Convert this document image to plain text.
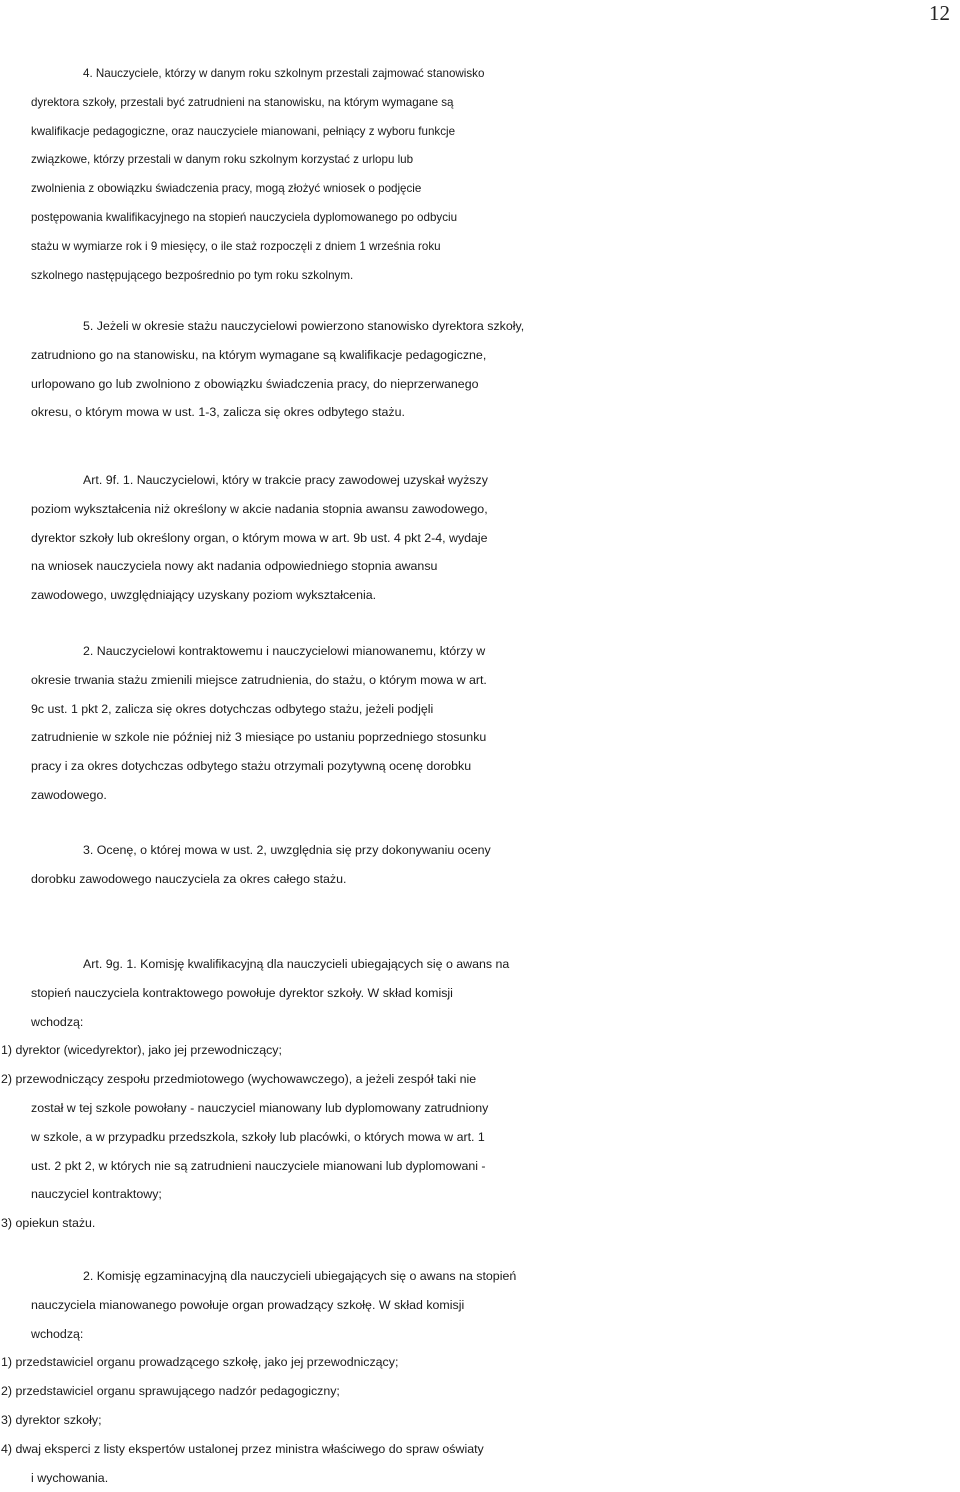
12
4. Nauczyciele, którzy w danym roku szkolnym przestali zajmować stanowisko
dyrektora szkoły, przestali być zatrudnieni na stanowisku, na którym wymagane są
kwalifikacje pedagogiczne, oraz nauczyciele mianowani, pełniący z wyboru funkcje
związkowe, którzy przestali w danym roku szkolnym korzystać z urlopu lub
zwolnienia z obowiązku świadczenia pracy, mogą złożyć wniosek o podjęcie
postępowania kwalifikacyjnego na stopień nauczyciela dyplomowanego po odbyciu
stażu w wymiarze rok i 9 miesięcy, o ile staż rozpoczęli z dniem 1 września roku
szkolnego następującego bezpośrednio po tym roku szkolnym.
5. Jeżeli w okresie stażu nauczycielowi powierzono stanowisko dyrektora szkoły,
zatrudniono go na stanowisku, na którym wymagane są kwalifikacje pedagogiczne,
urlopowano go lub zwolniono z obowiązku świadczenia pracy, do nieprzerwanego
okresu, o którym mowa w ust. 1-3, zalicza się okres odbytego stażu.
Art. 9f. 1. Nauczycielowi, który w trakcie pracy zawodowej uzyskał wyższy
poziom wykształcenia niż określony w akcie nadania stopnia awansu zawodowego,
dyrektor szkoły lub określony organ, o którym mowa w art. 9b ust. 4 pkt 2-4, wydaje
na wniosek nauczyciela nowy akt nadania odpowiedniego stopnia awansu
zawodowego, uwzględniający uzyskany poziom wykształcenia.
2. Nauczycielowi kontraktowemu i nauczycielowi mianowanemu, którzy w
okresie trwania stażu zmienili miejsce zatrudnienia, do stażu, o którym mowa w art.
9c ust. 1 pkt 2, zalicza się okres dotychczas odbytego stażu, jeżeli podjęli
zatrudnienie w szkole nie później niż 3 miesiące po ustaniu poprzedniego stosunku
pracy i za okres dotychczas odbytego stażu otrzymali pozytywną ocenę dorobku
zawodowego.
3. Ocenę, o której mowa w ust. 2, uwzględnia się przy dokonywaniu oceny
dorobku zawodowego nauczyciela za okres całego stażu.
Art. 9g. 1. Komisję kwalifikacyjną dla nauczycieli ubiegających się o awans na
stopień nauczyciela kontraktowego powołuje dyrektor szkoły. W skład komisji
wchodzą:
1) dyrektor (wicedyrektor), jako jej przewodniczący;
2) przewodniczący zespołu przedmiotowego (wychowawczego), a jeżeli zespół taki nie
został w tej szkole powołany - nauczyciel mianowany lub dyplomowany zatrudniony
w szkole, a w przypadku przedszkola, szkoły lub placówki, o których mowa w art. 1
ust. 2 pkt 2, w których nie są zatrudnieni nauczyciele mianowani lub dyplomowani -
nauczyciel kontraktowy;
3) opiekun stażu.
2. Komisję egzaminacyjną dla nauczycieli ubiegających się o awans na stopień
nauczyciela mianowanego powołuje organ prowadzący szkołę. W skład komisji
wchodzą:
1) przedstawiciel organu prowadzącego szkołę, jako jej przewodniczący;
2) przedstawiciel organu sprawującego nadzór pedagogiczny;
3) dyrektor szkoły;
4) dwaj eksperci z listy ekspertów ustalonej przez ministra właściwego do spraw oświaty
i wychowania.
